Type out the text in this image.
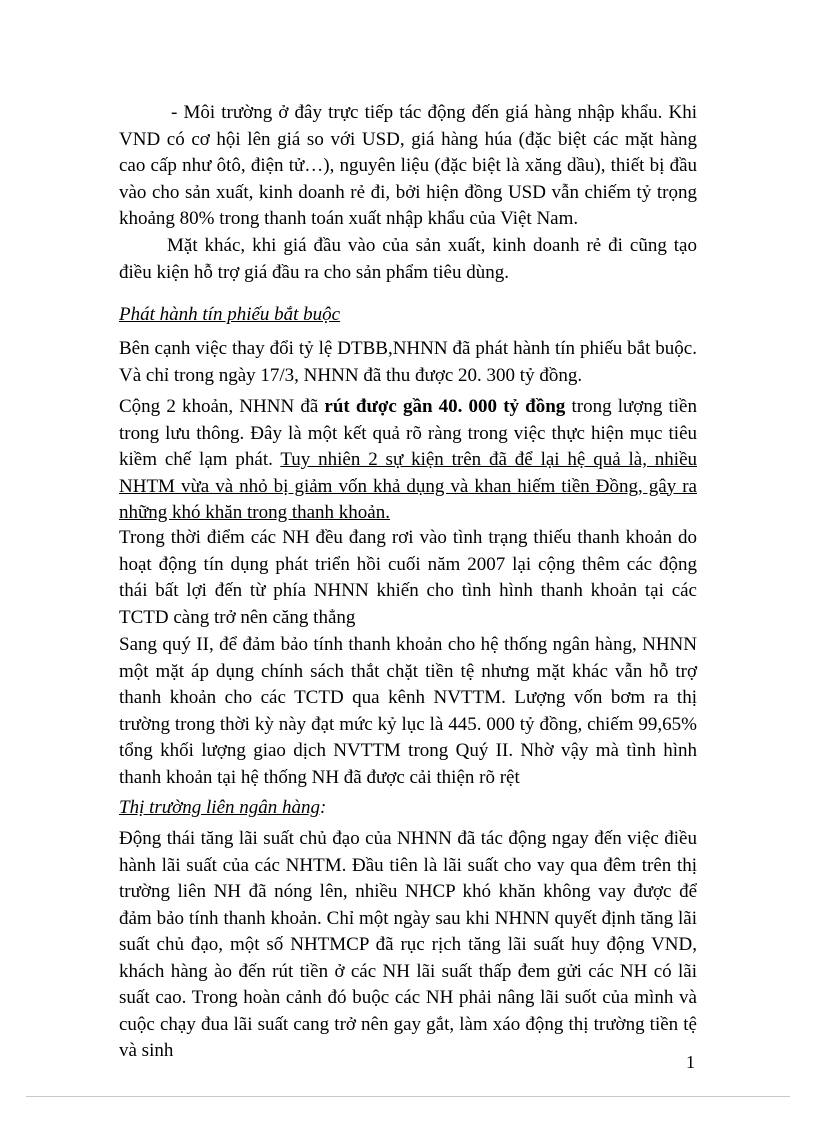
- Môi trường ở đây trực tiếp tác động đến giá hàng nhập khẩu. Khi VND có cơ hội lên giá so với USD, giá hàng húa (đặc biệt các mặt hàng cao cấp như ôtô, điện tử…), nguyên liệu (đặc biệt là xăng dầu), thiết bị đầu vào cho sản xuất, kinh doanh rẻ đi, bởi hiện đồng USD vẫn chiếm tỷ trọng khoảng 80% trong thanh toán xuất nhập khẩu của Việt Nam.

Mặt khác, khi giá đầu vào của sản xuất, kinh doanh rẻ đi cũng tạo điều kiện hỗ trợ giá đầu ra cho sản phẩm tiêu dùng.

Phát hành tín phiếu bắt buộc

Bên cạnh việc thay đổi tỷ lệ DTBB,NHNN đã phát hành tín phiếu bắt buộc. Và chỉ trong ngày 17/3, NHNN đã thu được 20. 300 tỷ đồng.

Cộng 2 khoản, NHNN đã rút được gần 40. 000 tỷ đồng trong lượng tiền trong lưu thông. Đây là một kết quả rõ ràng trong việc thực hiện mục tiêu kiềm chế lạm phát. Tuy nhiên 2 sự kiện trên đã để lại hệ quả là, nhiều NHTM vừa và nhỏ bị giảm vốn khả dụng và khan hiếm tiền Đồng, gây ra những khó khăn trong thanh khoản.

Trong thời điểm các NH đều đang rơi vào tình trạng thiếu thanh khoản do hoạt động tín dụng phát triển hồi cuối năm 2007 lại cộng thêm các động thái bất lợi đến từ phía NHNN khiến cho tình hình thanh khoản tại các TCTD càng trở nên căng thẳng

Sang quý II, để đảm bảo tính thanh khoản cho hệ thống ngân hàng, NHNN một mặt áp dụng chính sách thắt chặt tiền tệ nhưng mặt khác vẫn hỗ trợ thanh khoản cho các TCTD qua kênh NVTTM. Lượng vốn bơm ra thị trường trong thời kỳ này đạt mức kỷ lục là 445. 000 tỷ đồng, chiếm 99,65% tổng khối lượng giao dịch NVTTM trong Quý II. Nhờ vậy mà tình hình thanh khoản tại hệ thống NH đã được cải thiện rõ rệt

Thị trường liên ngân hàng:

Động thái tăng lãi suất chủ đạo của NHNN đã tác động ngay đến việc điều hành lãi suất của các NHTM. Đầu tiên là lãi suất cho vay qua đêm trên thị trường liên NH đã nóng lên, nhiều NHCP khó khăn không vay được để đảm bảo tính thanh khoản. Chỉ một ngày sau khi NHNN quyết định tăng lãi suất chủ đạo, một số NHTMCP đã rục rịch tăng lãi suất huy động VND, khách hàng ào đến rút tiền ở các NH lãi suất thấp đem gửi các NH có lãi suất cao. Trong hoàn cảnh đó buộc các NH phải nâng lãi suốt của mình và cuộc chạy đua lãi suất cang trở nên gay gắt, làm xáo động thị trường tiền tệ và sinh

1
